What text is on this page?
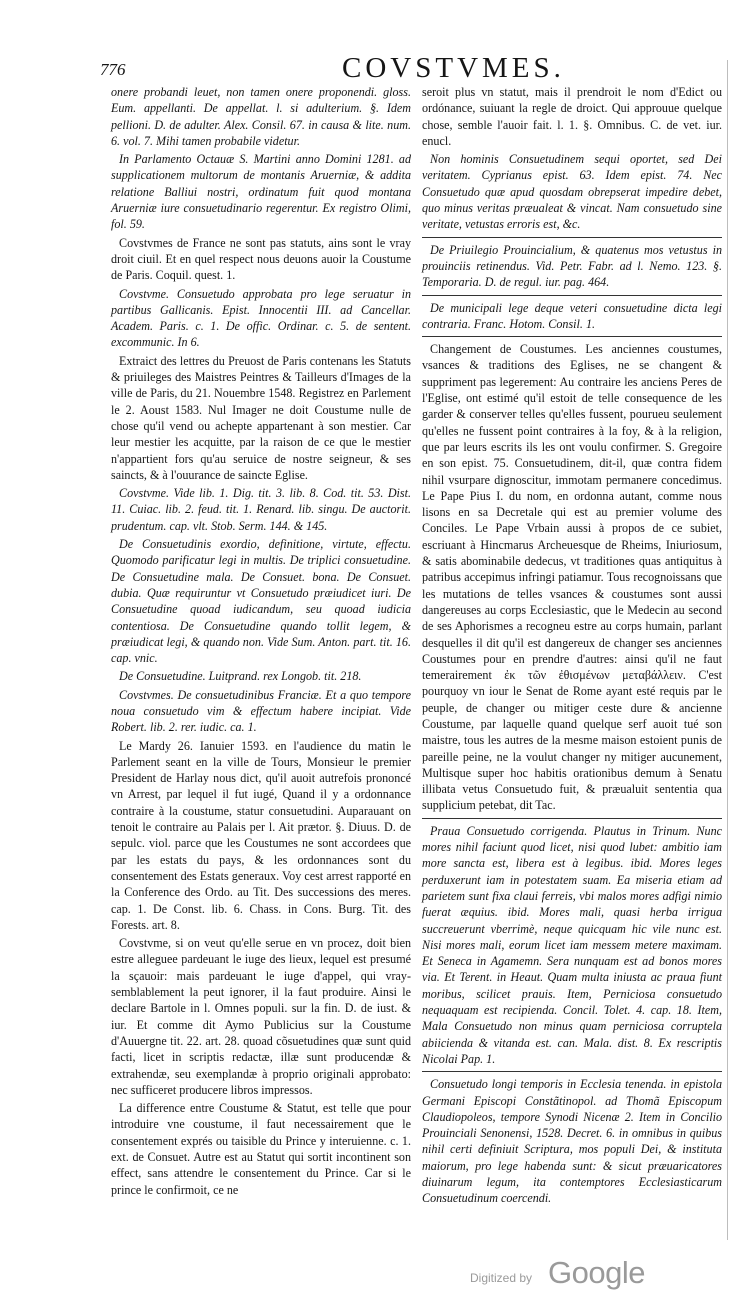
776	COVSTVMES.

onere probandi leuet, non tamen onere proponendi. gloss. Eum. appellanti. De appellat. l. si adulterium. §. Idem pellioni. D. de adulter. Alex. Consil. 67. in causa & lite. num. 6. vol. 7. Mihi tamen probabile videtur.

In Parlamento Octauæ S. Martini anno Domini 1281. ad supplicationem multorum de montanis Aruerniæ, & addita relatione Balliui nostri, ordinatum fuit quod montana Aruerniæ iure consuetudinario regerentur. Ex registro Olimi, fol. 59.

Covstvmes de France ne sont pas statuts, ains sont le vray droit ciuil. Et en quel respect nous deuons auoir la Coustume de Paris. Coquil. quest. 1.

Covstvme. Consuetudo approbata pro lege seruatur in partibus Gallicanis. Epist. Innocentii III. ad Cancellar. Academ. Paris. c. 1. De offic. Ordinar. c. 5. de sentent. excommunic. In 6.

Extraict des lettres du Preuost de Paris contenans les Statuts & priuileges des Maistres Peintres & Tailleurs d'Images de la ville de Paris, du 21. Nouembre 1548. Registrez en Parlement le 2. Aoust 1583. Nul Imager ne doit Coustume nulle de chose qu'il vend ou achepte appartenant à son mestier. Car leur mestier les acquitte, par la raison de ce que le mestier n'appartient fors qu'au seruice de nostre seigneur, & ses saincts, & à l'ouurance de saincte Eglise.

Covstvme. Vide lib. 1. Dig. tit. 3. lib. 8. Cod. tit. 53. Dist. 11. Cuiac. lib. 2. feud. tit. 1. Renard. lib. singu. De auctorit. prudentum. cap. vlt. Stob. Serm. 144. & 145.

De Consuetudinis exordio, definitione, virtute, effectu. Quomodo parificatur legi in multis. De triplici consuetudine. De Consuetudine mala. De Consuet. bona. De Consuet. dubia. Quæ requiruntur vt Consuetudo præiudicet iuri. De Consuetudine quoad iudicandum, seu quoad iudicia contentiosa. De Consuetudine quando tollit legem, & præiudicat legi, & quando non. Vide Sum. Anton. part. tit. 16. cap. vnic.

De Consuetudine. Luitprand. rex Longob. tit. 218.

Covstvmes. De consuetudinibus Franciæ. Et a quo tempore noua consuetudo vim & effectum habere incipiat. Vide Robert. lib. 2. rer. iudic. ca. 1.

Le Mardy 26. Ianuier 1593. en l'audience du matin le Parlement seant en la ville de Tours, Monsieur le premier President de Harlay nous dict, qu'il auoit autrefois prononcé vn Arrest, par lequel il fut iugé, Quand il y a ordonnance contraire à la coustume, statur consuetudini. Auparauant on tenoit le contraire au Palais per l. Ait prætor. §. Diuus. D. de sepulc. viol. parce que les Coustumes ne sont accordees que par les estats du pays, & les ordonnances sont du consentement des Estats generaux. Voy cest arrest rapporté en la Conference des Ordo. au Tit. Des successions des meres. cap. 1. De Const. lib. 6. Chass. in Cons. Burg. Tit. des Forests. art. 8.

Covstvme, si on veut qu'elle serue en vn procez, doit bien estre alleguee pardeuant le iuge des lieux, lequel est presumé la sçauoir: mais pardeuant le iuge d'appel, qui vray-semblablement la peut ignorer, il la faut produire. Ainsi le declare Bartole in l. Omnes populi. sur la fin. D. de iust. & iur. Et comme dit Aymo Publicius sur la Coustume d'Auuergne tit. 22. art. 28. quoad cõsuetudines quæ sunt quid facti, licet in scriptis redactæ, illæ sunt producendæ & extrahendæ, seu exemplandæ à proprio originali approbato: nec sufficeret producere libros impressos.

La difference entre Coustume & Statut, est telle que pour introduire vne coustume, il faut necessairement que le consentement exprés ou taisible du Prince y interuienne. c. 1. ext. de Consuet. Autre est au Statut qui sortit incontinent son effect, sans attendre le consentement du Prince. Car si le prince le confirmoit, ce ne

seroit plus vn statut, mais il prendroit le nom d'Edict ou ordónance, suiuant la regle de droict. Qui approuue quelque chose, semble l'auoir fait. l. 1. §. Omnibus. C. de vet. iur. enucl.

Non hominis Consuetudinem sequi oportet, sed Dei veritatem. Cyprianus epist. 63. Idem epist. 74. Nec Consuetudo quæ apud quosdam obrepserat impedire debet, quo minus veritas præualeat & vincat. Nam consuetudo sine veritate, vetustas erroris est, &c.

De Priuilegio Prouincialium, & quatenus mos vetustus in prouinciis retinendus. Vid. Petr. Fabr. ad l. Nemo. 123. §. Temporaria. D. de regul. iur. pag. 464.

De municipali lege deque veteri consuetudine dicta legi contraria. Franc. Hotom. Consil. 1.

Changement de Coustumes. Les anciennes coustumes, vsances & traditions des Eglises, ne se changent & suppriment pas legerement: Au contraire les anciens Peres de l'Eglise, ont estimé qu'il estoit de telle consequence de les garder & conserver telles qu'elles fussent, pourueu seulement qu'elles ne fussent point contraires à la foy, & à la religion, que par leurs escrits ils les ont voulu confirmer. S. Gregoire en son epist. 75. Consuetudinem, dit-il, quæ contra fidem nihil vsurpare dignoscitur, immotam permanere concedimus. Le Pape Pius I. du nom, en ordonna autant, comme nous lisons en sa Decretale qui est au premier volume des Conciles. Le Pape Vrbain aussi à propos de ce subiet, escriuant à Hincmarus Archeuesque de Rheims, Iniuriosum, & satis abominabile dedecus, vt traditiones quas antiquitus à patribus accepimus infringi patiamur. Tous recognoissans que les mutations de telles vsances & coustumes sont aussi dangereuses au corps Ecclesiastic, que le Medecin au second de ses Aphorismes a recogneu estre au corps humain, parlant desquelles il dit qu'il est dangereux de changer ses anciennes Coustumes pour en prendre d'autres: ainsi qu'il ne faut temerairement ἐκ τῶν ἐθισμένων μεταβάλλειν. C'est pourquoy vn iour le Senat de Rome ayant esté requis par le peuple, de changer ou mitiger ceste dure & ancienne Coustume, par laquelle quand quelque serf auoit tué son maistre, tous les autres de la mesme maison estoient punis de pareille peine, ne la voulut changer ny mitiger aucunement, Multisque super hoc habitis orationibus demum à Senatu illibata vetus Consuetudo fuit, & præualuit sententia qua supplicium petebat, dit Tac.

Praua Consuetudo corrigenda. Plautus in Trinum. Nunc mores nihil faciunt quod licet, nisi quod lubet: ambitio iam more sancta est, libera est à legibus. ibid. Mores leges perduxerunt iam in potestatem suam. Ea miseria etiam ad parietem sunt fixa claui ferreis, vbi malos mores adfigi nimio fuerat æquius. ibid. Mores mali, quasi herba irrigua succreuerunt vberrimè, neque quicquam hic vile nunc est. Nisi mores mali, eorum licet iam messem metere maximam. Et Seneca in Agamemn. Sera nunquam est ad bonos mores via. Et Terent. in Heaut. Quam multa iniusta ac praua fiunt moribus, scilicet prauis. Item, Perniciosa consuetudo nequaquam est recipienda. Concil. Tolet. 4. cap. 18. Item, Mala Consuetudo non minus quam perniciosa corruptela abiicienda & vitanda est. can. Mala. dist. 8. Ex rescriptis Nicolai Pap. 1.

Consuetudo longi temporis in Ecclesia tenenda. in epistola Germani Episcopi Constãtinopol. ad Thomã Episcopum Claudiopoleos, tempore Synodi Nicenæ 2. Item in Concilio Prouinciali Senonensi, 1528. Decret. 6. in omnibus in quibus nihil certi definiuit Scriptura, mos populi Dei, & instituta maiorum, pro lege habenda sunt: & sicut præuaricatores diuinarum legum, ita contemptores Ecclesiasticarum Consuetudinum coercendi.

Digitized by Google
